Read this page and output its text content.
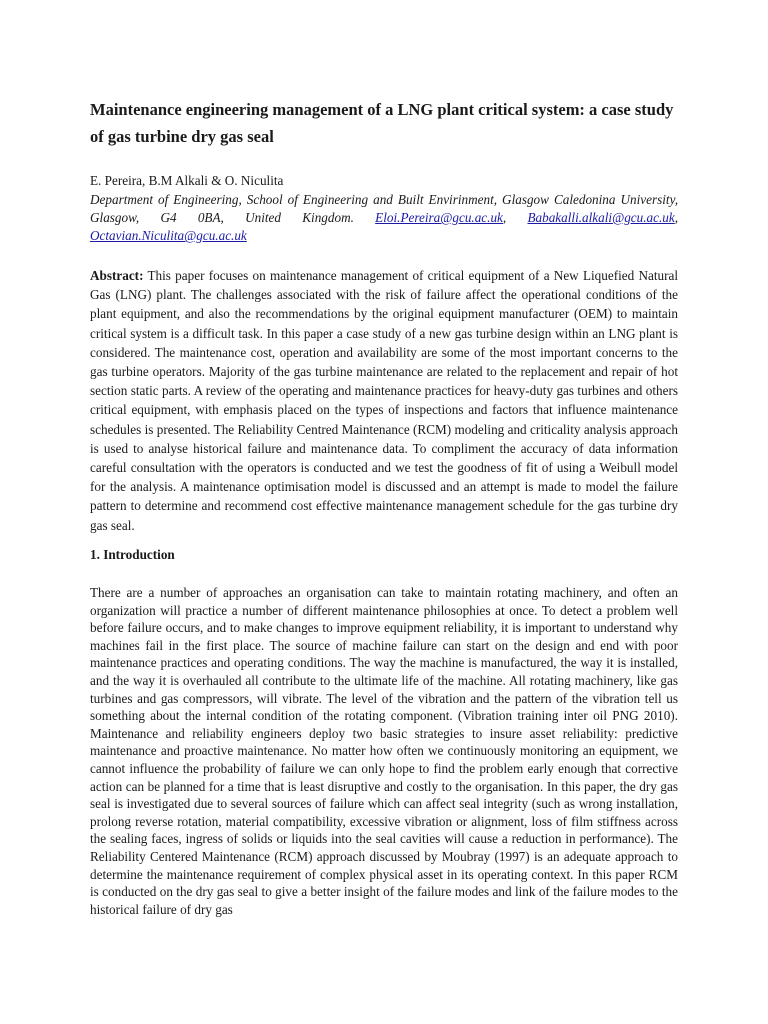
Maintenance engineering management of a LNG plant critical system: a case study of gas turbine dry gas seal
E. Pereira, B.M Alkali & O. Niculita
Department of Engineering, School of Engineering and Built Envirinment, Glasgow Caledonina University, Glasgow, G4 0BA, United Kingdom. Eloi.Pereira@gcu.ac.uk, Babakalli.alkali@gcu.ac.uk, Octavian.Niculita@gcu.ac.uk

Abstract: This paper focuses on maintenance management of critical equipment of a New Liquefied Natural Gas (LNG) plant. The challenges associated with the risk of failure affect the operational conditions of the plant equipment, and also the recommendations by the original equipment manufacturer (OEM) to maintain critical system is a difficult task. In this paper a case study of a new gas turbine design within an LNG plant is considered. The maintenance cost, operation and availability are some of the most important concerns to the gas turbine operators. Majority of the gas turbine maintenance are related to the replacement and repair of hot section static parts. A review of the operating and maintenance practices for heavy-duty gas turbines and others critical equipment, with emphasis placed on the types of inspections and factors that influence maintenance schedules is presented. The Reliability Centred Maintenance (RCM) modeling and criticality analysis approach is used to analyse historical failure and maintenance data. To compliment the accuracy of data information careful consultation with the operators is conducted and we test the goodness of fit of using a Weibull model for the analysis. A maintenance optimisation model is discussed and an attempt is made to model the failure pattern to determine and recommend cost effective maintenance management schedule for the gas turbine dry gas seal.

1. Introduction

There are a number of approaches an organisation can take to maintain rotating machinery, and often an organization will practice a number of different maintenance philosophies at once. To detect a problem well before failure occurs, and to make changes to improve equipment reliability, it is important to understand why machines fail in the first place. The source of machine failure can start on the design and end with poor maintenance practices and operating conditions. The way the machine is manufactured, the way it is installed, and the way it is overhauled all contribute to the ultimate life of the machine. All rotating machinery, like gas turbines and gas compressors, will vibrate. The level of the vibration and the pattern of the vibration tell us something about the internal condition of the rotating component. (Vibration training inter oil PNG 2010). Maintenance and reliability engineers deploy two basic strategies to insure asset reliability: predictive maintenance and proactive maintenance. No matter how often we continuously monitoring an equipment, we cannot influence the probability of failure we can only hope to find the problem early enough that corrective action can be planned for a time that is least disruptive and costly to the organisation. In this paper, the dry gas seal is investigated due to several sources of failure which can affect seal integrity (such as wrong installation, prolong reverse rotation, material compatibility, excessive vibration or alignment, loss of film stiffness across the sealing faces, ingress of solids or liquids into the seal cavities will cause a reduction in performance). The Reliability Centered Maintenance (RCM) approach discussed by Moubray (1997) is an adequate approach to determine the maintenance requirement of complex physical asset in its operating context. In this paper RCM is conducted on the dry gas seal to give a better insight of the failure modes and link of the failure modes to the historical failure of dry gas
